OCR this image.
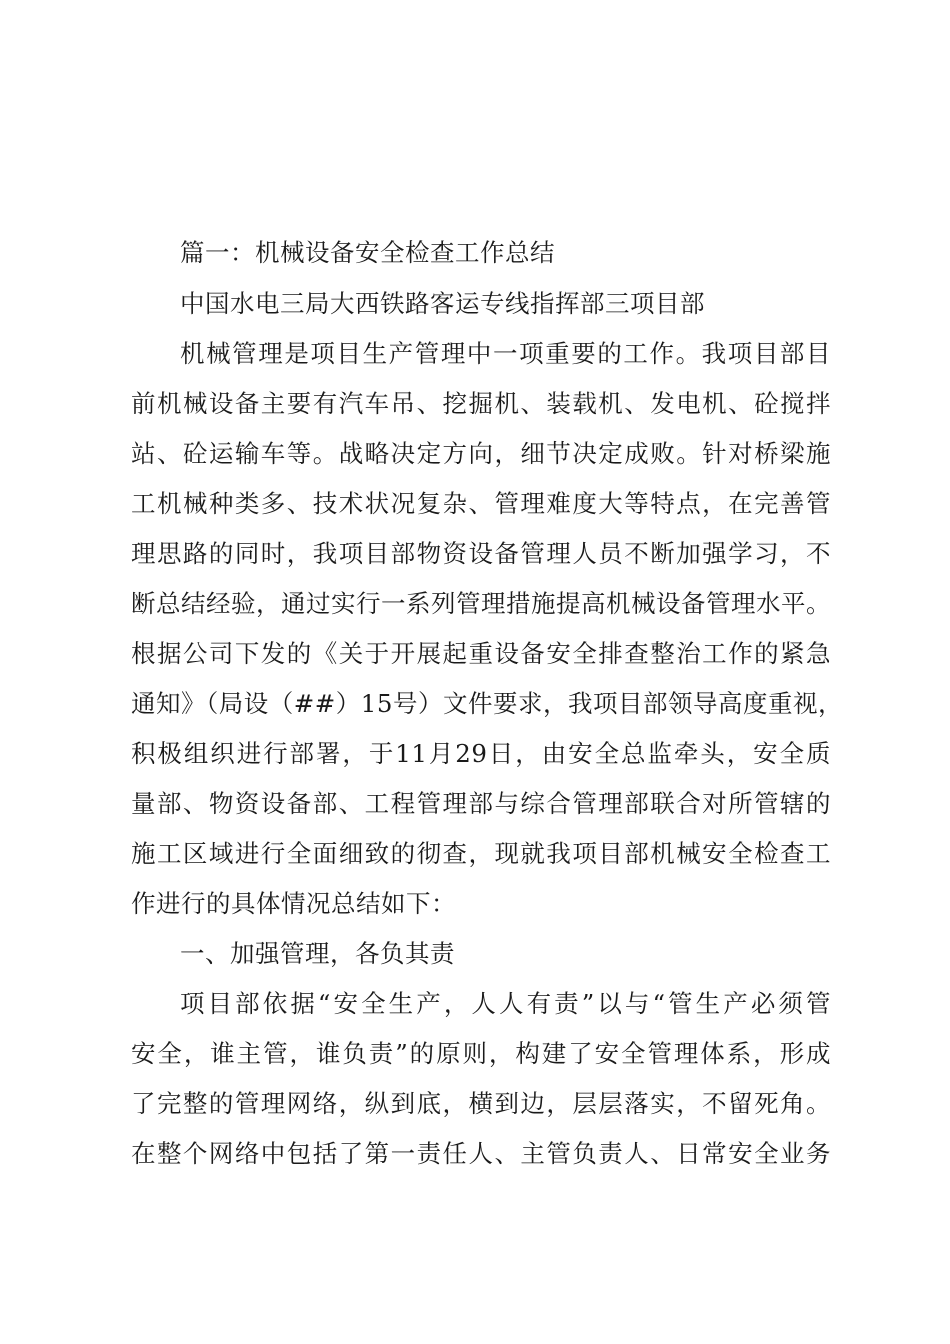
篇一：机械设备安全检查工作总结
中国水电三局大西铁路客运专线指挥部三项目部
机械管理是项目生产管理中一项重要的工作。我项目部目
前机械设备主要有汽车吊、挖掘机、装载机、发电机、砼搅拌
站、砼运输车等。战略决定方向，细节决定成败。针对桥梁施
工机械种类多、技术状况复杂、管理难度大等特点，在完善管
理思路的同时，我项目部物资设备管理人员不断加强学习，不
断总结经验，通过实行一系列管理措施提高机械设备管理水平。
根据公司下发的《关于开展起重设备安全排查整治工作的紧急
通知》（局设（##）15号）文件要求，我项目部领导高度重视，
积极组织进行部署，于11月29日，由安全总监牵头，安全质
量部、物资设备部、工程管理部与综合管理部联合对所管辖的
施工区域进行全面细致的彻查，现就我项目部机械安全检查工
作进行的具体情况总结如下：
一、加强管理，各负其责
项目部依据“安全生产，人人有责”以与“管生产必须管
安全，谁主管，谁负责”的原则，构建了安全管理体系，形成
了完整的管理网络，纵到底，横到边，层层落实，不留死角。
在整个网络中包括了第一责任人、主管负责人、日常安全业务
